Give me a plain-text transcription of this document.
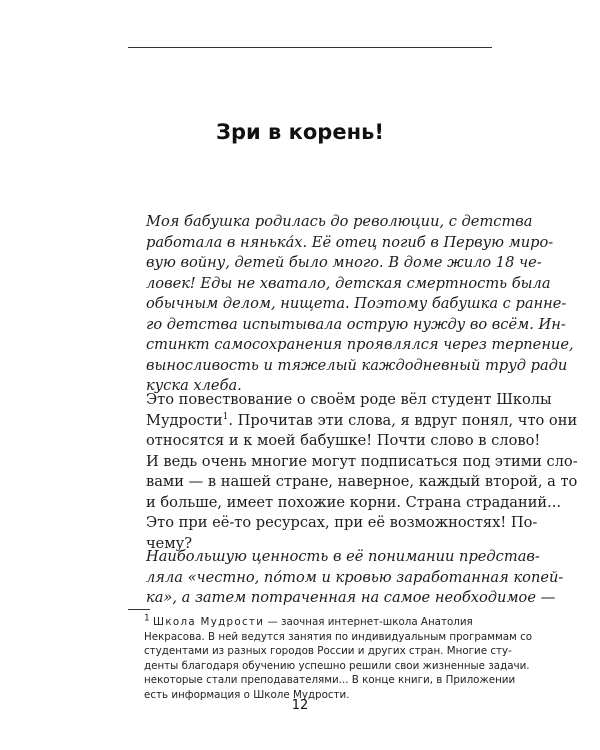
Зри в корень!
Моя бабушка родилась до революции, с детства
работала в нянька́х. Её отец погиб в Первую миро-
вую войну, детей было много. В доме жило 18 че-
ловек! Еды не хватало, детская смертность была
обычным делом, нищета. Поэтому бабушка с ранне-
го детства испытывала острую нужду во всём. Ин-
стинкт самосохранения проявлялся через терпение,
выносливость и тяжелый каждодневный труд ради
куска хлеба.
Это повествование о своём роде вёл студент Школы
Мудрости$^1$. Прочитав эти слова, я вдруг понял, что они
относятся и к моей бабушке! Почти слово в слово!
И ведь очень многие могут подписаться под этими сло-
вами — в нашей стране, наверное, каждый второй, а то
и больше, имеет похожие корни. Страна страданий...
Это при её-то ресурсах, при её возможностях! По-
чему?
Наибольшую ценность в её понимании представ-
ляла «честно, по́том и кровью заработанная копей-
ка», а затем потраченная на самое необходимое —
$^1$ Школа Мудрости — заочная интернет-школа Анатолия
Некрасова. В ней ведутся занятия по индивидуальным программам со
студентами из разных городов России и других стран. Многие сту-
денты благодаря обучению успешно решили свои жизненные задачи.
некоторые стали преподавателями... В конце книги, в Приложении
есть информация о Школе Мудрости.
12
